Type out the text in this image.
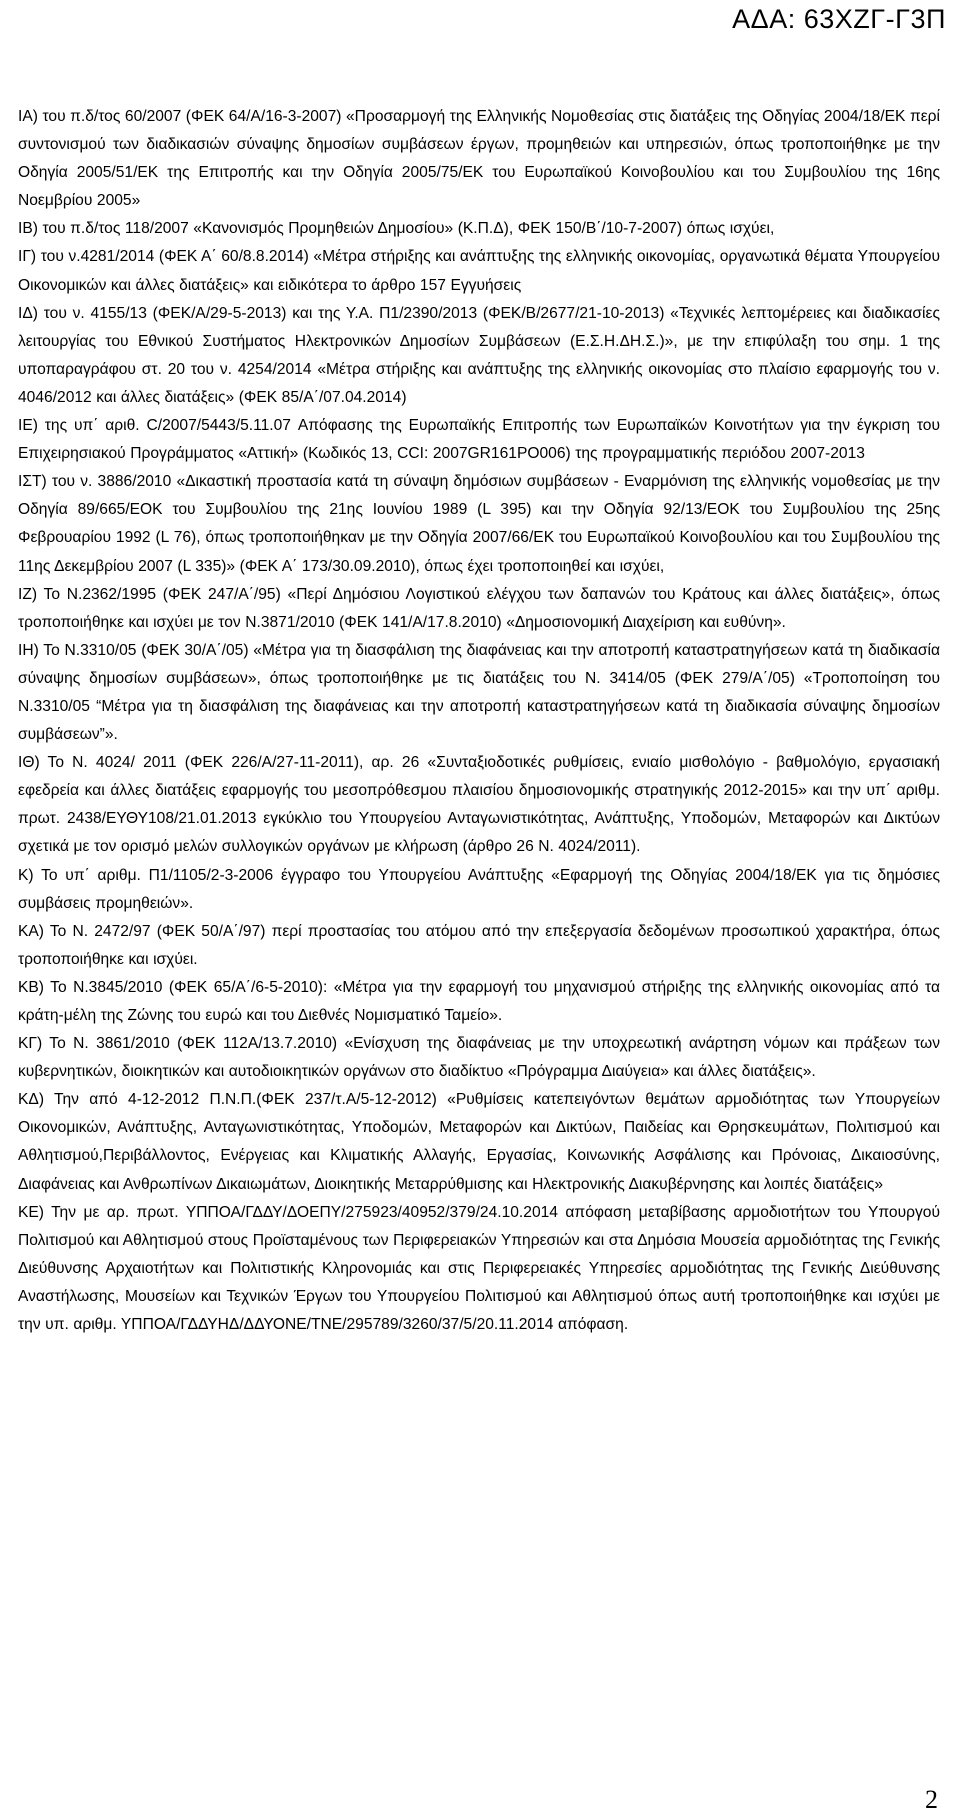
ΑΔΑ: 63ΧΖΓ-Γ3Π

ΙΑ) του π.δ/τος 60/2007 (ΦΕΚ 64/Α/16-3-2007) «Προσαρμογή της Ελληνικής Νομοθεσίας στις διατάξεις της Οδηγίας 2004/18/ΕΚ περί συντονισμού των διαδικασιών σύναψης δημοσίων συμβάσεων έργων, προμηθειών και υπηρεσιών, όπως τροποποιήθηκε με την Οδηγία 2005/51/ΕΚ της Επιτροπής και την Οδηγία 2005/75/ΕΚ του Ευρωπαϊκού Κοινοβουλίου και του Συμβουλίου της 16ης Νοεμβρίου 2005»

ΙΒ) του π.δ/τος 118/2007 «Κανονισμός Προμηθειών Δημοσίου» (Κ.Π.Δ), ΦΕΚ 150/Β΄/10-7-2007) όπως ισχύει,

ΙΓ) του ν.4281/2014 (ΦΕΚ Α΄ 60/8.8.2014) «Μέτρα στήριξης και ανάπτυξης της ελληνικής οικονομίας, οργανωτικά θέματα Υπουργείου Οικονομικών και άλλες διατάξεις» και ειδικότερα το άρθρο 157 Εγγυήσεις

ΙΔ) του ν. 4155/13 (ΦΕΚ/Α/29-5-2013) και της Υ.Α. Π1/2390/2013 (ΦΕΚ/Β/2677/21-10-2013) «Τεχνικές λεπτομέρειες και διαδικασίες λειτουργίας του Εθνικού Συστήματος Ηλεκτρονικών Δημοσίων Συμβάσεων (Ε.Σ.Η.ΔΗ.Σ.)», με την επιφύλαξη του σημ. 1 της υποπαραγράφου στ. 20 του ν. 4254/2014 «Μέτρα στήριξης και ανάπτυξης της ελληνικής οικονομίας στο πλαίσιο εφαρμογής του ν. 4046/2012 και άλλες διατάξεις» (ΦΕΚ 85/Α΄/07.04.2014)

ΙΕ) της υπ΄ αριθ. C/2007/5443/5.11.07 Απόφασης της Ευρωπαϊκής Επιτροπής των Ευρωπαϊκών Κοινοτήτων για την έγκριση του Επιχειρησιακού Προγράμματος «Αττική» (Κωδικός 13, CCI: 2007GR161PO006) της προγραμματικής περιόδου 2007-2013

ΙΣΤ) του ν. 3886/2010 «Δικαστική προστασία κατά τη σύναψη δημόσιων συμβάσεων - Εναρμόνιση της ελληνικής νομοθεσίας με την Οδηγία 89/665/ΕΟΚ του Συμβουλίου της 21ης Ιουνίου 1989 (L 395) και την Οδηγία 92/13/ΕΟΚ του Συμβουλίου της 25ης Φεβρουαρίου 1992 (L 76), όπως τροποποιήθηκαν με την Οδηγία 2007/66/ΕΚ του Ευρωπαϊκού Κοινοβουλίου και του Συμβουλίου της 11ης Δεκεμβρίου 2007 (L 335)» (ΦΕΚ Α΄ 173/30.09.2010), όπως έχει τροποποιηθεί και ισχύει,

ΙΖ) Το Ν.2362/1995 (ΦΕΚ 247/Α΄/95) «Περί Δημόσιου Λογιστικού ελέγχου των δαπανών του Κράτους και άλλες διατάξεις», όπως τροποποιήθηκε και ισχύει με τον Ν.3871/2010 (ΦΕΚ 141/Α/17.8.2010) «Δημοσιονομική Διαχείριση και ευθύνη».

ΙΗ) Το Ν.3310/05 (ΦΕΚ 30/Α΄/05) «Μέτρα για τη διασφάλιση της διαφάνειας και την αποτροπή καταστρατηγήσεων κατά τη διαδικασία σύναψης δημοσίων συμβάσεων», όπως τροποποιήθηκε με τις διατάξεις του Ν. 3414/05 (ΦΕΚ 279/Α΄/05) «Τροποποίηση του Ν.3310/05 “Μέτρα για τη διασφάλιση της διαφάνειας και την αποτροπή καταστρατηγήσεων κατά τη διαδικασία σύναψης δημοσίων συμβάσεων”».

ΙΘ) Το Ν. 4024/ 2011 (ΦΕΚ 226/Α/27-11-2011), αρ. 26 «Συνταξιοδοτικές ρυθμίσεις, ενιαίο μισθολόγιο - βαθμολόγιο, εργασιακή εφεδρεία και άλλες διατάξεις εφαρμογής του μεσοπρόθεσμου πλαισίου δημοσιονομικής στρατηγικής 2012-2015» και την υπ΄ αριθμ. πρωτ. 2438/ΕΥΘΥ108/21.01.2013 εγκύκλιο του Υπουργείου Ανταγωνιστικότητας, Ανάπτυξης, Υποδομών, Μεταφορών και Δικτύων σχετικά με τον ορισμό μελών συλλογικών οργάνων με κλήρωση (άρθρο 26 Ν. 4024/2011).

Κ) Το υπ΄ αριθμ. Π1/1105/2-3-2006 έγγραφο του Υπουργείου Ανάπτυξης «Εφαρμογή της Οδηγίας 2004/18/ΕΚ για τις δημόσιες συμβάσεις προμηθειών».

ΚΑ) Το Ν. 2472/97 (ΦΕΚ 50/Α΄/97) περί προστασίας του ατόμου από την επεξεργασία δεδομένων προσωπικού χαρακτήρα, όπως τροποποιήθηκε και ισχύει.

ΚΒ) Το Ν.3845/2010 (ΦΕΚ 65/Α΄/6-5-2010): «Μέτρα για την εφαρμογή του μηχανισμού στήριξης της ελληνικής οικονομίας από τα κράτη-μέλη της Ζώνης του ευρώ και του Διεθνές Νομισματικό Ταμείο».

ΚΓ) Το Ν. 3861/2010 (ΦΕΚ 112Α/13.7.2010) «Ενίσχυση της διαφάνειας με την υποχρεωτική ανάρτηση νόμων και πράξεων των κυβερνητικών, διοικητικών και αυτοδιοικητικών οργάνων στο διαδίκτυο «Πρόγραμμα Διαύγεια» και άλλες διατάξεις».

ΚΔ) Την από 4-12-2012 Π.Ν.Π.(ΦΕΚ 237/τ.Α/5-12-2012) «Ρυθμίσεις κατεπειγόντων θεμάτων αρμοδιότητας των Υπουργείων Οικονομικών, Ανάπτυξης, Ανταγωνιστικότητας, Υποδομών, Μεταφορών και Δικτύων, Παιδείας και Θρησκευμάτων, Πολιτισμού και Αθλητισμού,Περιβάλλοντος, Ενέργειας και Κλιματικής Αλλαγής, Εργασίας, Κοινωνικής Ασφάλισης και Πρόνοιας, Δικαιοσύνης, Διαφάνειας και Ανθρωπίνων Δικαιωμάτων, Διοικητικής Μεταρρύθμισης και Ηλεκτρονικής Διακυβέρνησης και λοιπές διατάξεις»

ΚΕ) Την με αρ. πρωτ. ΥΠΠΟΑ/ΓΔΔΥ/ΔΟΕΠΥ/275923/40952/379/24.10.2014 απόφαση μεταβίβασης αρμοδιοτήτων του Υπουργού Πολιτισμού και Αθλητισμού στους Προϊσταμένους των Περιφερειακών Υπηρεσιών και στα Δημόσια Μουσεία αρμοδιότητας της Γενικής Διεύθυνσης Αρχαιοτήτων και Πολιτιστικής Κληρονομιάς και στις Περιφερειακές Υπηρεσίες αρμοδιότητας της Γενικής Διεύθυνσης Αναστήλωσης, Μουσείων και Τεχνικών Έργων του Υπουργείου Πολιτισμού και Αθλητισμού όπως αυτή τροποποιήθηκε και ισχύει με την υπ. αριθμ. ΥΠΠΟΑ/ΓΔΔΥΗΔ/ΔΔΥΟΝΕ/ΤΝΕ/295789/3260/37/5/20.11.2014 απόφαση.

2
